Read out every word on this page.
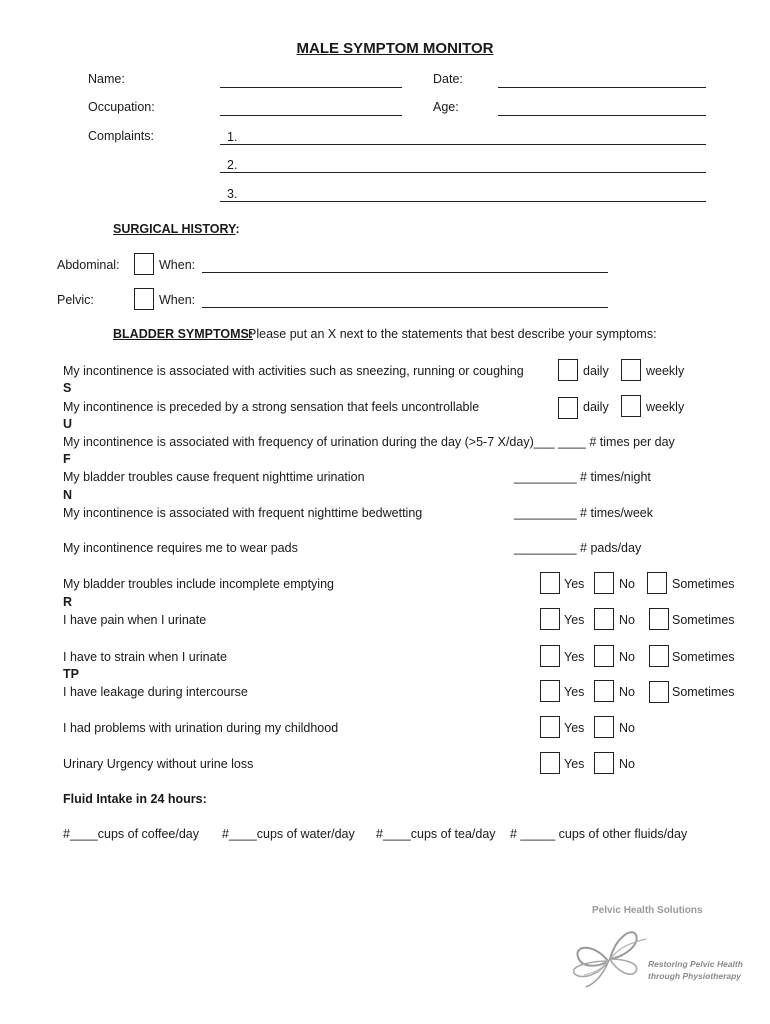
MALE SYMPTOM MONITOR
Name:	Date:
Occupation:	Age:
Complaints:	1.
2.
3.
SURGICAL HISTORY:
Abdominal:	When:
Pelvic:	When:
BLADDER SYMPTOMS:
Please put an X next to the statements that best describe your symptoms:
My incontinence is associated with activities such as sneezing, running or coughing	daily	weekly
S
My incontinence is preceded by a strong sensation that feels uncontrollable	daily	weekly
U
My incontinence is associated with frequency of urination during the day (>5-7 X/day)___ ____ # times per day
F
My bladder troubles cause frequent nighttime urination	_________ # times/night
N
My incontinence is associated with frequent nighttime bedwetting	_________ # times/week
My incontinence requires me to wear pads	_________ # pads/day
My bladder troubles include incomplete emptying	Yes	No	Sometimes
R
I have pain when I urinate	Yes	No	Sometimes
I have to strain when I urinate	Yes	No	Sometimes
TP
I have leakage during intercourse	Yes	No	Sometimes
I had problems with urination during my childhood	Yes	No
Urinary Urgency without urine loss	Yes	No
Fluid Intake in 24 hours:
#____cups of coffee/day #____cups of water/day #____cups of tea/day # _____ cups of other fluids/day
Pelvic Health Solutions
Restoring Pelvic Health
through Physiotherapy
